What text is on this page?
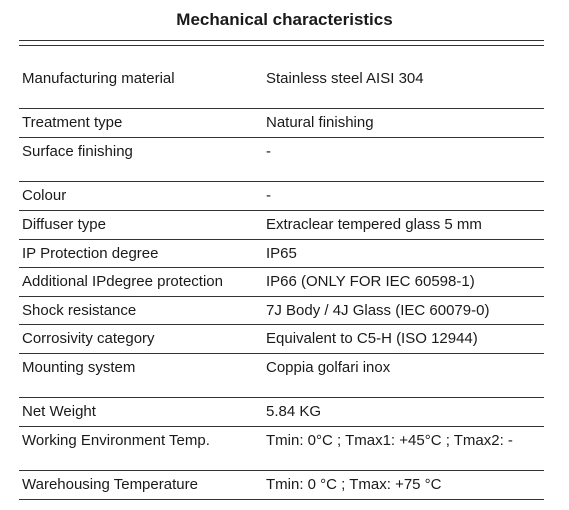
Mechanical characteristics
Manufacturing material	Stainless steel AISI 304
Treatment type	Natural finishing
Surface finishing	-
Colour	-
Diffuser type	Extraclear tempered glass 5 mm
IP Protection degree	IP65
Additional IPdegree protection	IP66 (ONLY FOR IEC 60598-1)
Shock resistance	7J Body / 4J Glass (IEC 60079-0)
Corrosivity category	Equivalent to C5-H (ISO 12944)
Mounting system	Coppia golfari inox
Net Weight	5.84 KG
Working Environment Temp.	Tmin: 0°C ; Tmax1: +45°C ; Tmax2: -
Warehousing Temperature	Tmin: 0 °C ; Tmax: +75 °C
